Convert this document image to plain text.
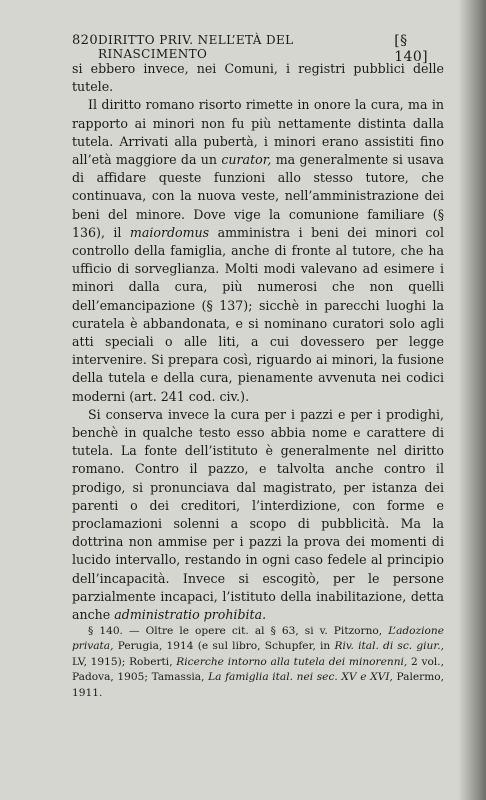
820 DIRITTO PRIV. NELL’ETÀ DEL RINASCIMENTO
[§ 140]

si ebbero invece, nei Comuni, i registri pubblici delle tutele.

Il diritto romano risorto rimette in onore la cura, ma in rapporto ai minori non fu più nettamente distinta dalla tutela. Arrivati alla pubertà, i minori erano assistiti fino all’età maggiore da un curator, ma generalmente si usava di affidare queste funzioni allo stesso tutore, che continuava, con la nuova veste, nell’amministrazione dei beni del minore. Dove vige la comunione familiare (§ 136), il maiordomus amministra i beni dei minori col controllo della famiglia, anche di fronte al tutore, che ha ufficio di sorveglianza. Molti modi valevano ad esimere i minori dalla cura, più numerosi che non quelli dell’emancipazione (§ 137); sicchè in parecchi luoghi la curatela è abbandonata, e si nominano curatori solo agli atti speciali o alle liti, a cui dovessero per legge intervenire. Si prepara così, riguardo ai minori, la fusione della tutela e della cura, pienamente avvenuta nei codici moderni (art. 241 cod. civ.).

Si conserva invece la cura per i pazzi e per i prodighi, benchè in qualche testo esso abbia nome e carattere di tutela. La fonte dell’istituto è generalmente nel diritto romano. Contro il pazzo, e talvolta anche contro il prodigo, si pronunciava dal magistrato, per istanza dei parenti o dei creditori, l’interdizione, con forme e proclamazioni solenni a scopo di pubblicità. Ma la dottrina non ammise per i pazzi la prova dei momenti di lucido intervallo, restando in ogni caso fedele al principio dell’incapacità. Invece si escogitò, per le persone parzialmente incapaci, l’istituto della inabilitazione, detta anche administratio prohibita.

§ 140. — Oltre le opere cit. al § 63, si v. Pitzorno, L’adozione privata, Perugia, 1914 (e sul libro, Schupfer, in Riv. ital. di sc. giur., LV, 1915); Roberti, Ricerche intorno alla tutela dei minorenni, 2 vol., Padova, 1905; Tamassia, La famiglia ital. nei sec. XV e XVI, Palermo, 1911.
